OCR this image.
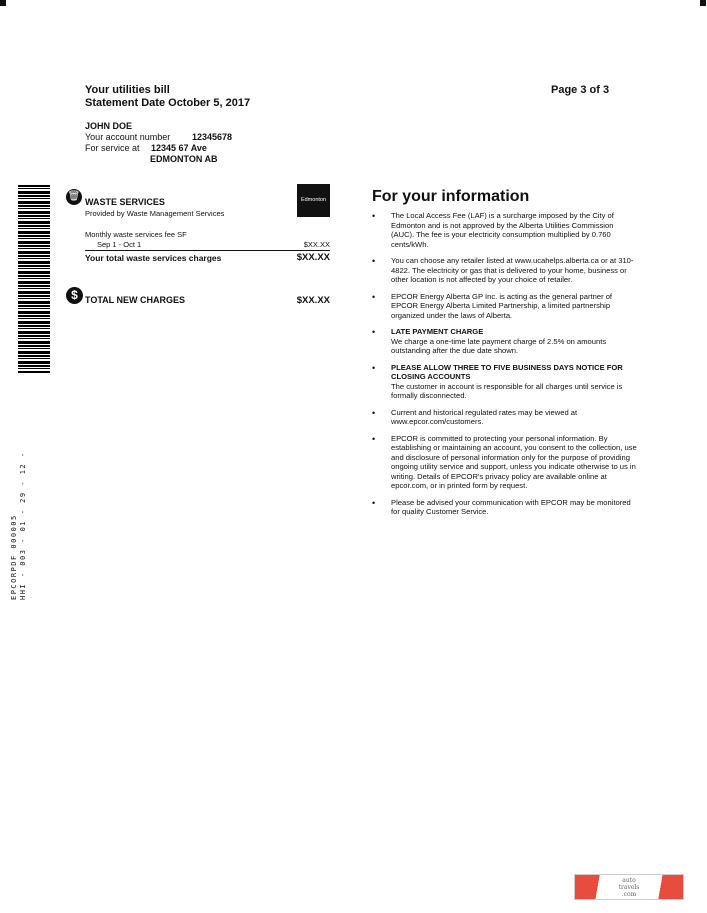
Your utilities bill
Statement Date October 5, 2017
Page 3 of 3
JOHN DOE
Your account number 12345678
For service at 12345 67 Ave
EDMONTON AB
EPCORPDF 000005 HHI - 003 - 01 - 29 - 12 -
🗑 WASTE SERVICES
Provided by Waste Management Services
Edmonton
Monthly waste services fee SF
Sep 1 - Oct 1	$XX.XX
Your total waste services charges	$XX.XX
$ TOTAL NEW CHARGES	$XX.XX
For your information
• The Local Access Fee (LAF) is a surcharge imposed by the City of Edmonton and is not approved by the Alberta Utilities Commission (AUC). The fee is your electricity consumption multiplied by 0.760 cents/kWh.
• You can choose any retailer listed at www.ucahelps.alberta.ca or at 310-4822. The electricity or gas that is delivered to your home, business or other location is not affected by your choice of retailer.
• EPCOR Energy Alberta GP Inc. is acting as the general partner of EPCOR Energy Alberta Limited Partnership, a limited partnership organized under the laws of Alberta.
• LATE PAYMENT CHARGE
We charge a one-time late payment charge of 2.5% on amounts outstanding after the due date shown.
• PLEASE ALLOW THREE TO FIVE BUSINESS DAYS NOTICE FOR CLOSING ACCOUNTS
The customer in account is responsible for all charges until service is formally disconnected.
• Current and historical regulated rates may be viewed at www.epcor.com/customers.
• EPCOR is committed to protecting your personal information. By establishing or maintaining an account, you consent to the collection, use and disclosure of personal information only for the purpose of providing ongoing utility service and support, unless you indicate otherwise to us in writing. Details of EPCOR's privacy policy are available online at epcor.com, or in printed form by request.
• Please be advised your communication with EPCOR may be monitored for quality Customer Service.
auto
travels
.com
